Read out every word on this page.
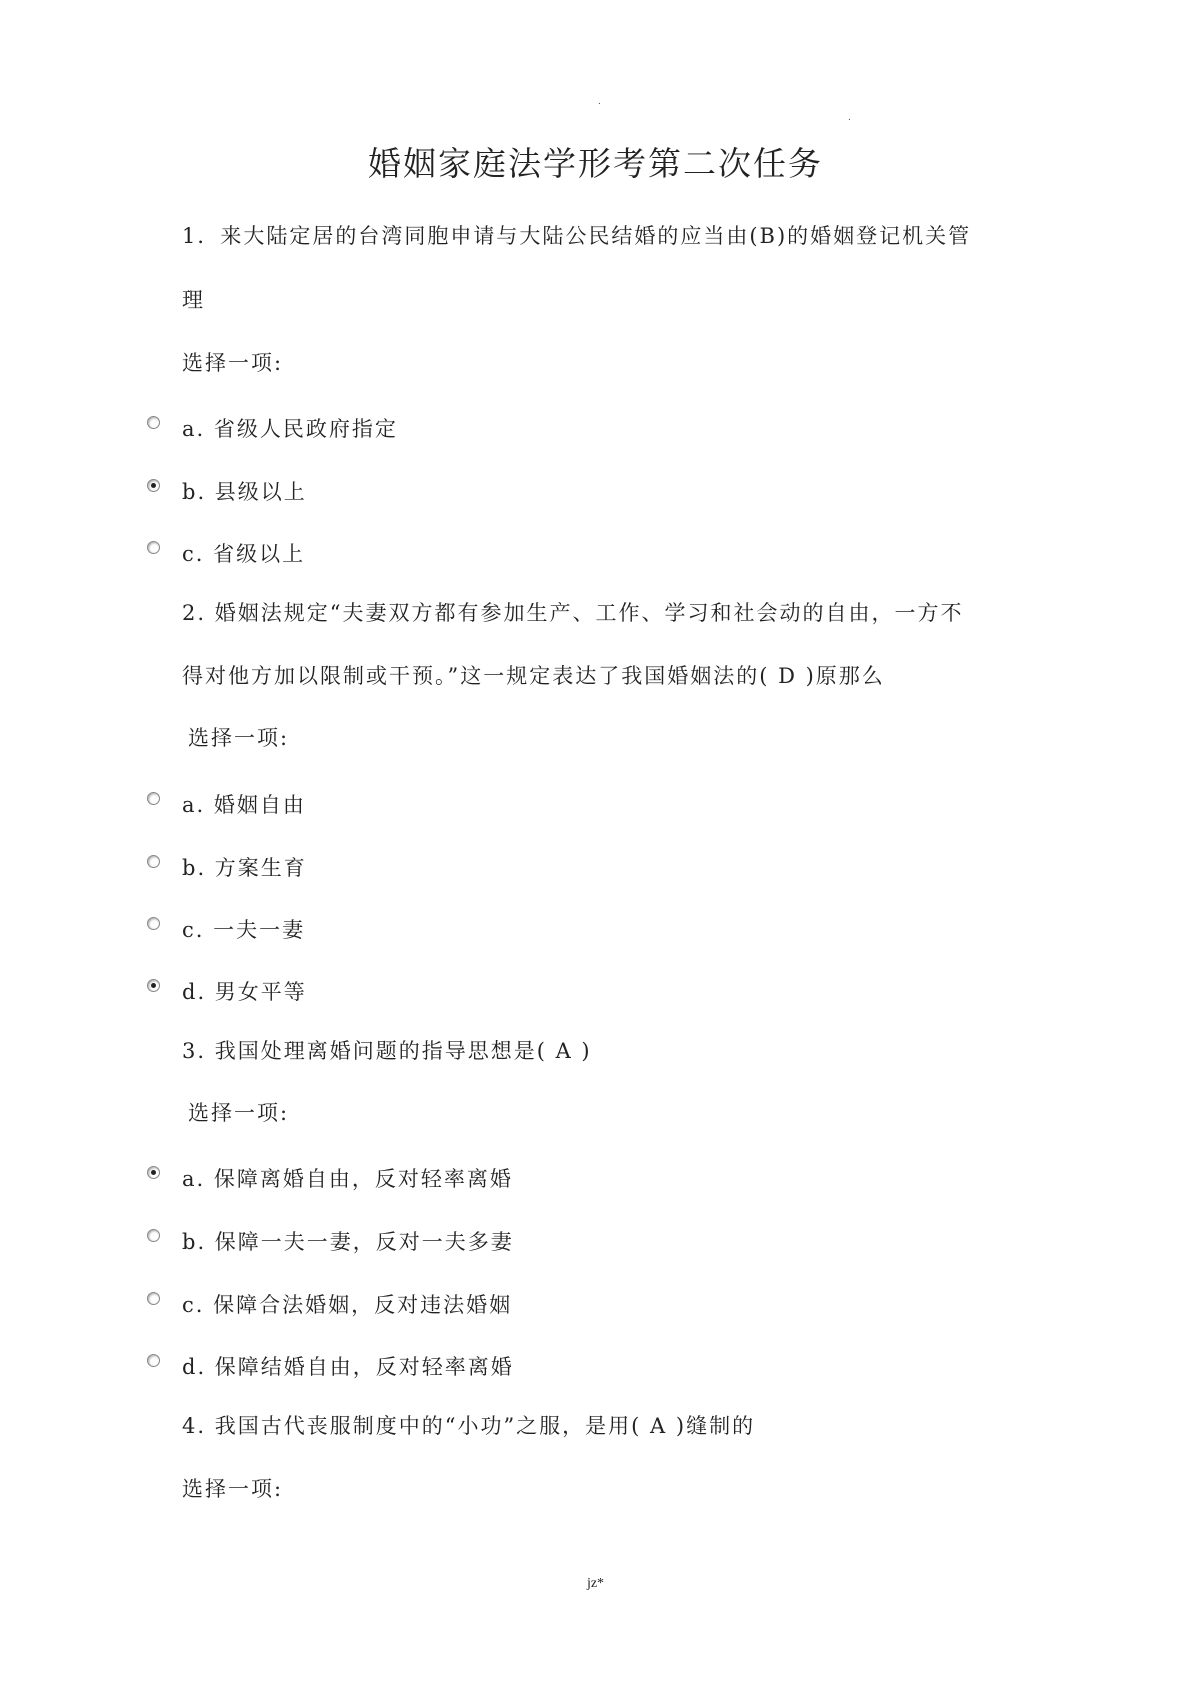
.
.
婚姻家庭法学形考第二次任务
1．来大陆定居的台湾同胞申请与大陆公民结婚的应当由(B)的婚姻登记机关管
理
选择一项:
a. 省级人民政府指定
b. 县级以上
c. 省级以上
2. 婚姻法规定“夫妻双方都有参加生产、工作、学习和社会动的自由，一方不
得对他方加以限制或干预。”这一规定表达了我国婚姻法的( D )原那么
选择一项:
a. 婚姻自由
b. 方案生育
c. 一夫一妻
d. 男女平等
3. 我国处理离婚问题的指导思想是( A )
选择一项:
a. 保障离婚自由，反对轻率离婚
b. 保障一夫一妻，反对一夫多妻
c. 保障合法婚姻，反对违法婚姻
d. 保障结婚自由，反对轻率离婚
4. 我国古代丧服制度中的“小功”之服，是用( A )缝制的
选择一项:
jz*
